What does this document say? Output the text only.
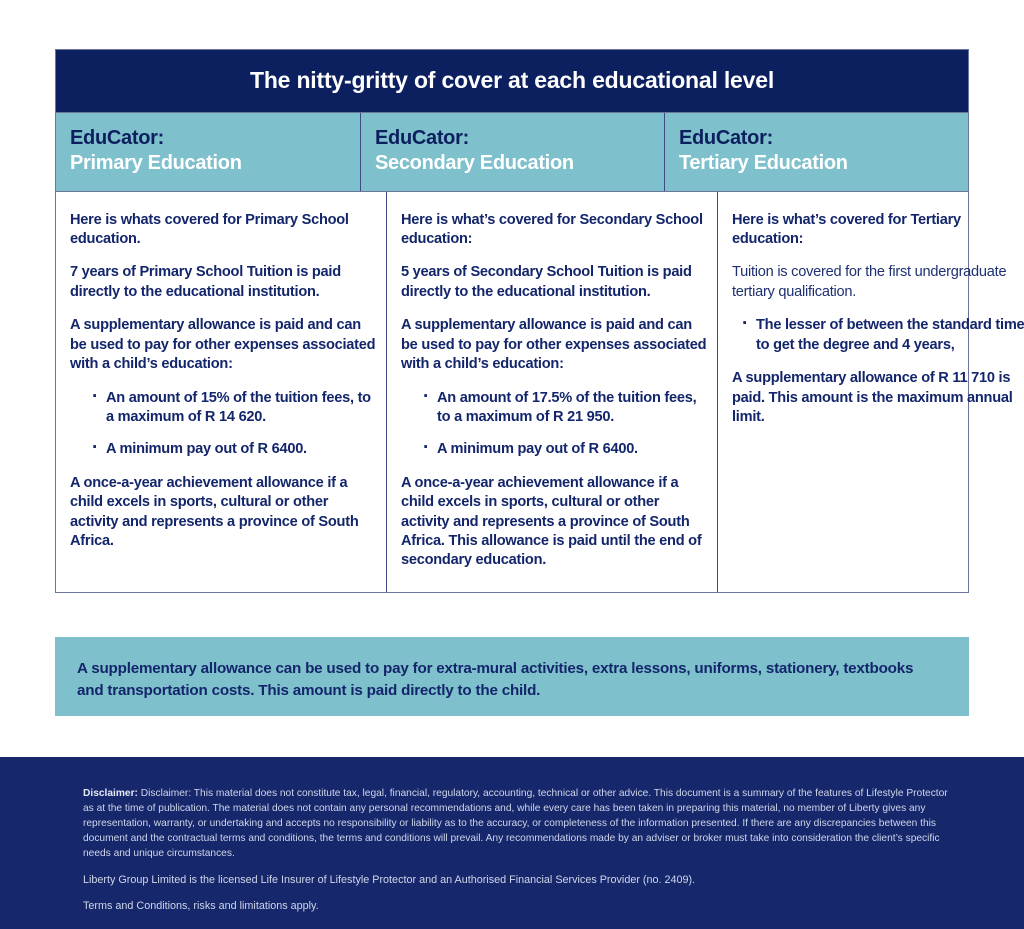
The nitty-gritty of cover at each educational level
EduCator:
Primary Education
EduCator:
Secondary Education
EduCator:
Tertiary Education

Here is whats covered for Primary School education.

7 years of Primary School Tuition is paid directly to the educational institution.

A supplementary allowance is paid and can be used to pay for other expenses associated with a child’s education:

· An amount of 15% of the tuition fees, to a maximum of R 14 620.
· A minimum pay out of R 6400.

A once-a-year achievement allowance if a child excels in sports, cultural or other activity and represents a province of South Africa.

Here is what’s covered for Secondary School education:

5 years of Secondary School Tuition is paid directly to the educational institution.

A supplementary allowance is paid and can be used to pay for other expenses associated with a child’s education:

· An amount of 17.5% of the tuition fees, to a maximum of R 21 950.
· A minimum pay out of R 6400.

A once-a-year achievement allowance if a child excels in sports, cultural or other activity and represents a province of South Africa. This allowance is paid until the end of secondary education.

Here is what’s covered for Tertiary education:

Tuition is covered for the first undergraduate tertiary qualification.

· The lesser of between the standard time to get the degree and 4 years,

A supplementary allowance of R 11 710 is paid. This amount is the maximum annual limit.

A supplementary allowance can be used to pay for extra-mural activities, extra lessons, uniforms, stationery, textbooks and transportation costs. This amount is paid directly to the child.

Disclaimer: Disclaimer: This material does not constitute tax, legal, financial, regulatory, accounting, technical or other advice. This document is a summary of the features of Lifestyle Protector as at the time of publication. The material does not contain any personal recommendations and, while every care has been taken in preparing this material, no member of Liberty gives any representation, warranty, or undertaking and accepts no responsibility or liability as to the accuracy, or completeness of the information presented. If there are any discrepancies between this document and the contractual terms and conditions, the terms and conditions will prevail. Any recommendations made by an adviser or broker must take into consideration the client’s specific needs and unique circumstances.

Liberty Group Limited is the licensed Life Insurer of Lifestyle Protector and an Authorised Financial Services Provider (no. 2409).

Terms and Conditions, risks and limitations apply.
